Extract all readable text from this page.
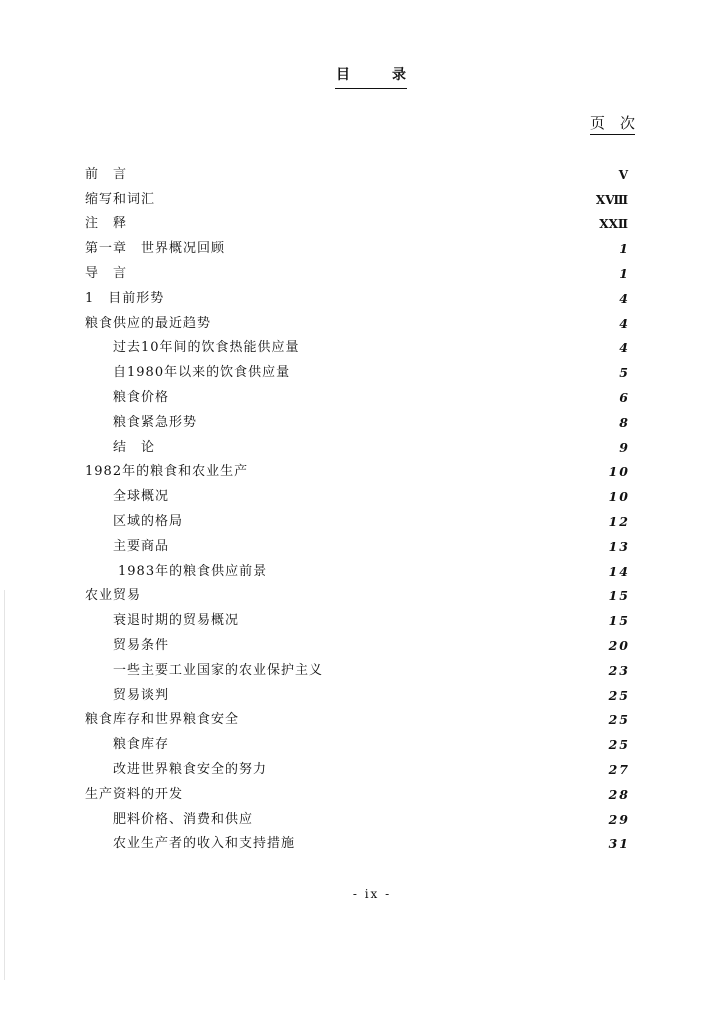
目　　　录
页　次
前　言	V
缩写和词汇	XⅧ
注　释	XXⅡ
第一章　世界概况回顾	1
导　言	1
1　目前形势	4
粮食供应的最近趋势	4
过去10年间的饮食热能供应量	4
自1980年以来的饮食供应量	5
粮食价格	6
粮食紧急形势	8
结　论	9
1982年的粮食和农业生产	10
全球概况	10
区域的格局	12
主要商品	13
1983年的粮食供应前景	14
农业贸易	15
衰退时期的贸易概况	15
贸易条件	20
一些主要工业国家的农业保护主义	23
贸易谈判	25
粮食库存和世界粮食安全	25
粮食库存	25
改进世界粮食安全的努力	27
生产资料的开发	28
肥料价格、消费和供应	29
农业生产者的收入和支持措施	31
- ix -
